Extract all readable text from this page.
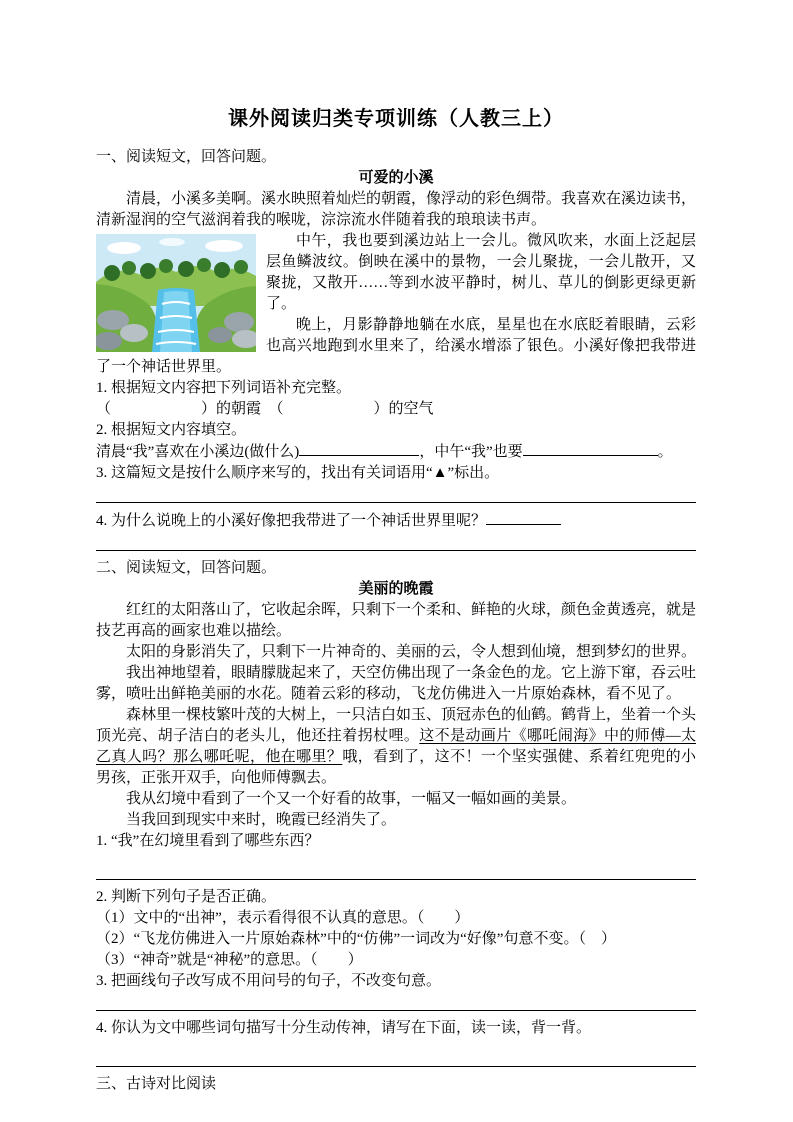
课外阅读归类专项训练（人教三上）
一、阅读短文，回答问题。
可爱的小溪

清晨，小溪多美啊。溪水映照着灿烂的朝霞，像浮动的彩色绸带。我喜欢在溪边读书，清新湿润的空气滋润着我的喉咙，淙淙流水伴随着我的琅琅读书声。

中午，我也要到溪边站上一会儿。微风吹来，水面上泛起层层鱼鳞波纹。倒映在溪中的景物，一会儿聚拢，一会儿散开，又聚拢，又散开……等到水波平静时，树儿、草儿的倒影更绿更新了。

晚上，月影静静地躺在水底，星星也在水底眨着眼睛，云彩也高兴地跑到水里来了，给溪水增添了银色。小溪好像把我带进了一个神话世界里。

1. 根据短文内容把下列词语补充完整。
（　　　　　　）的朝霞　（　　　　　　）的空气
2. 根据短文内容填空。
清晨“我”喜欢在小溪边(做什么)	，中午“我”也要	。
3. 这篇短文是按什么顺序来写的，找出有关词语用“▲”标出。
4. 为什么说晚上的小溪好像把我带进了一个神话世界里呢？
二、阅读短文，回答问题。
美丽的晚霞

红红的太阳落山了，它收起余晖，只剩下一个柔和、鲜艳的火球，颜色金黄透亮，就是技艺再高的画家也难以描绘。

太阳的身影消失了，只剩下一片神奇的、美丽的云，令人想到仙境，想到梦幻的世界。

我出神地望着，眼睛朦胧起来了，天空仿佛出现了一条金色的龙。它上游下窜，吞云吐雾，喷吐出鲜艳美丽的水花。随着云彩的移动，飞龙仿佛进入一片原始森林，看不见了。

森林里一棵枝繁叶茂的大树上，一只洁白如玉、顶冠赤色的仙鹤。鹤背上，坐着一个头顶光亮、胡子洁白的老头儿，他还拄着拐杖哩。这不是动画片《哪吒闹海》中的师傅—太乙真人吗？那么哪吒呢，他在哪里？哦，看到了，这不！一个坚实强健、系着红兜兜的小男孩，正张开双手，向他师傅飘去。

我从幻境中看到了一个又一个好看的故事，一幅又一幅如画的美景。

当我回到现实中来时，晚霞已经消失了。

1. “我”在幻境里看到了哪些东西？
2. 判断下列句子是否正确。
（1）文中的“出神”，表示看得很不认真的意思。（　　）
（2）“飞龙仿佛进入一片原始森林”中的“仿佛”一词改为“好像”句意不变。（　）
（3）“神奇”就是“神秘”的意思。（　　）
3. 把画线句子改写成不用问号的句子，不改变句意。
4. 你认为文中哪些词句描写十分生动传神，请写在下面，读一读，背一背。
三、古诗对比阅读
